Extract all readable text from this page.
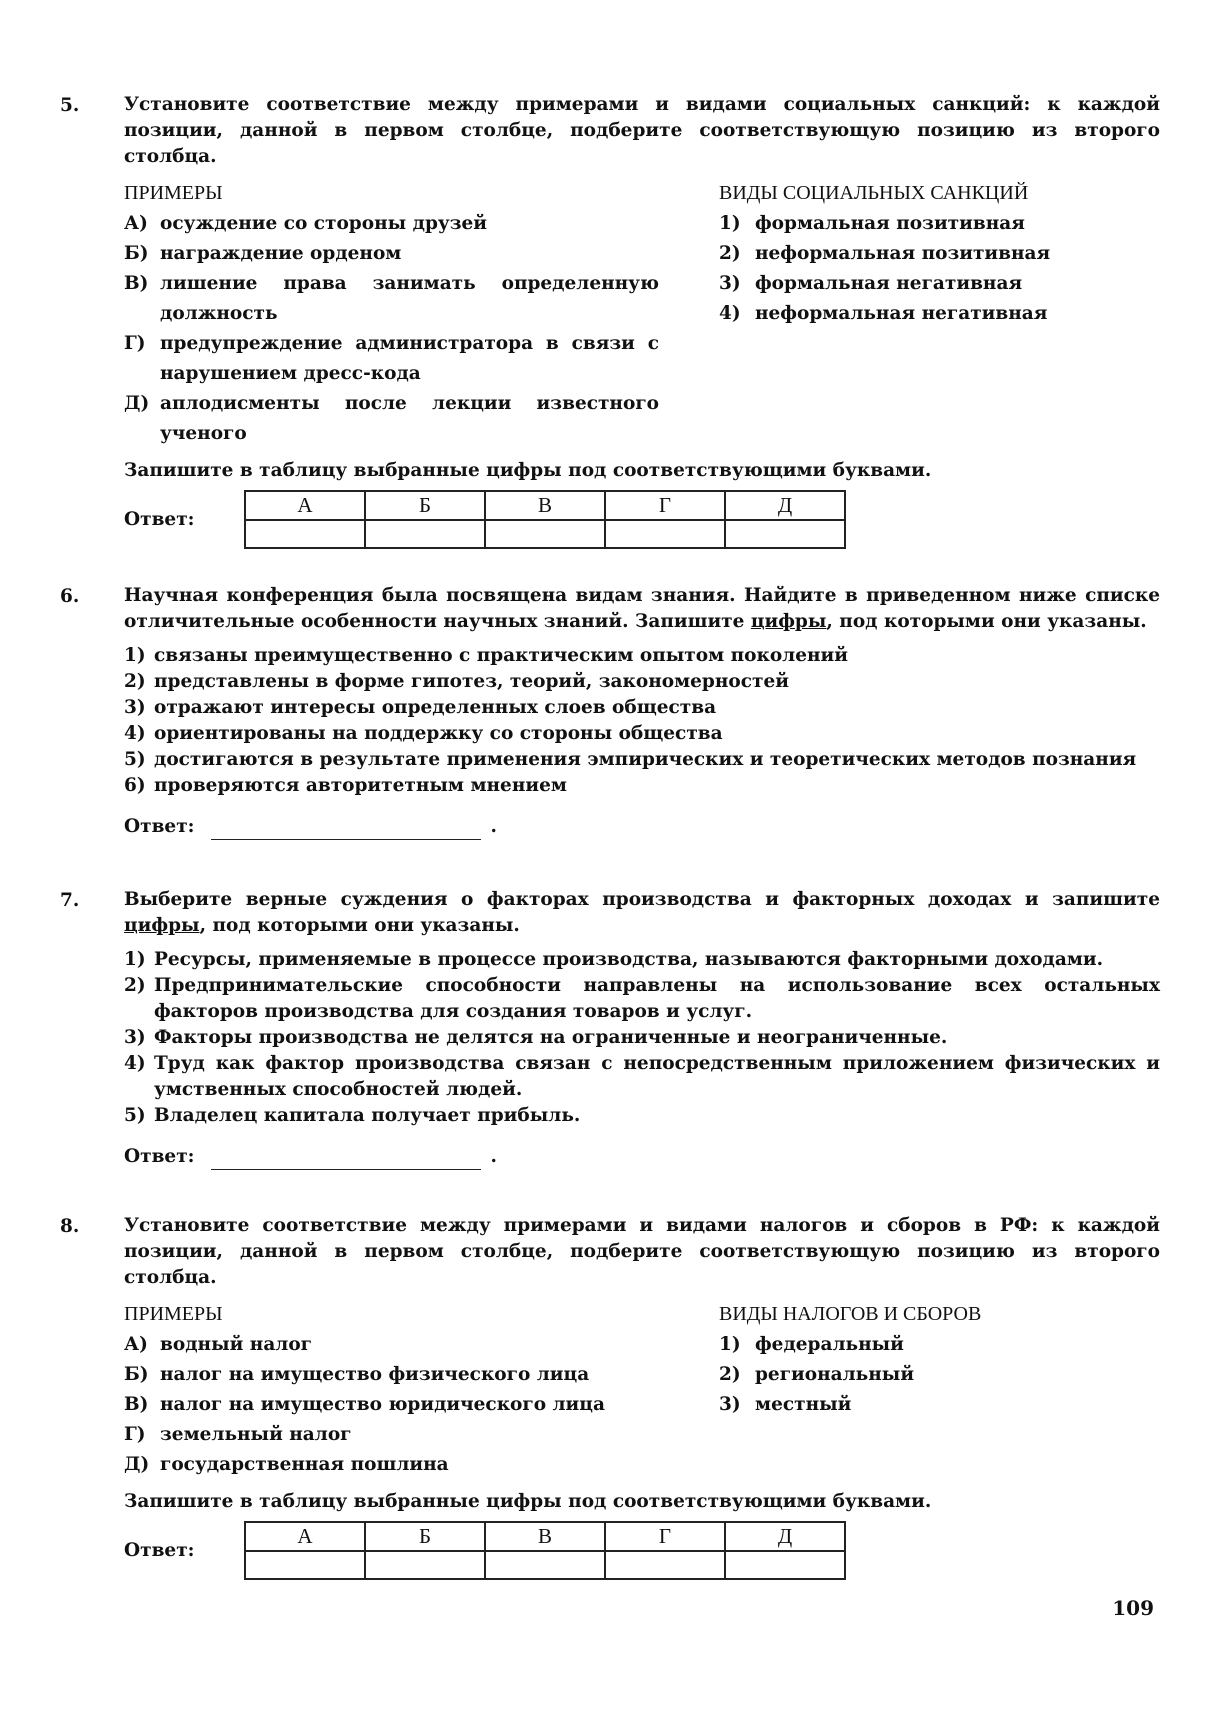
5. Установите соответствие между примерами и видами социальных санкций: к каждой позиции, данной в первом столбце, подберите соответствующую позицию из второго столбца.
ПРИМЕРЫ
А) осуждение со стороны друзей
Б) награждение орденом
В) лишение права занимать определенную должность
Г) предупреждение администратора в связи с нарушением дресс-кода
Д) аплодисменты после лекции известного ученого
ВИДЫ СОЦИАЛЬНЫХ САНКЦИЙ
1) формальная позитивная
2) неформальная позитивная
3) формальная негативная
4) неформальная негативная
Запишите в таблицу выбранные цифры под соответствующими буквами.
Ответ:
А	Б	В	Г	Д

6. Научная конференция была посвящена видам знания. Найдите в приведенном ниже списке отличительные особенности научных знаний. Запишите цифры, под которыми они указаны.
1) связаны преимущественно с практическим опытом поколений
2) представлены в форме гипотез, теорий, закономерностей
3) отражают интересы определенных слоев общества
4) ориентированы на поддержку со стороны общества
5) достигаются в результате применения эмпирических и теоретических методов познания
6) проверяются авторитетным мнением
Ответ:	.
7. Выберите верные суждения о факторах производства и факторных доходах и запишите цифры, под которыми они указаны.
1) Ресурсы, применяемые в процессе производства, называются факторными доходами.
2) Предпринимательские способности направлены на использование всех остальных факторов производства для создания товаров и услуг.
3) Факторы производства не делятся на ограниченные и неограниченные.
4) Труд как фактор производства связан с непосредственным приложением физических и умственных способностей людей.
5) Владелец капитала получает прибыль.
Ответ:	.
8. Установите соответствие между примерами и видами налогов и сборов в РФ: к каждой позиции, данной в первом столбце, подберите соответствующую позицию из второго столбца.
ПРИМЕРЫ
А) водный налог
Б) налог на имущество физического лица
В) налог на имущество юридического лица
Г) земельный налог
Д) государственная пошлина
ВИДЫ НАЛОГОВ И СБОРОВ
1) федеральный
2) региональный
3) местный
Запишите в таблицу выбранные цифры под соответствующими буквами.
Ответ:
А	Б	В	Г	Д

109
